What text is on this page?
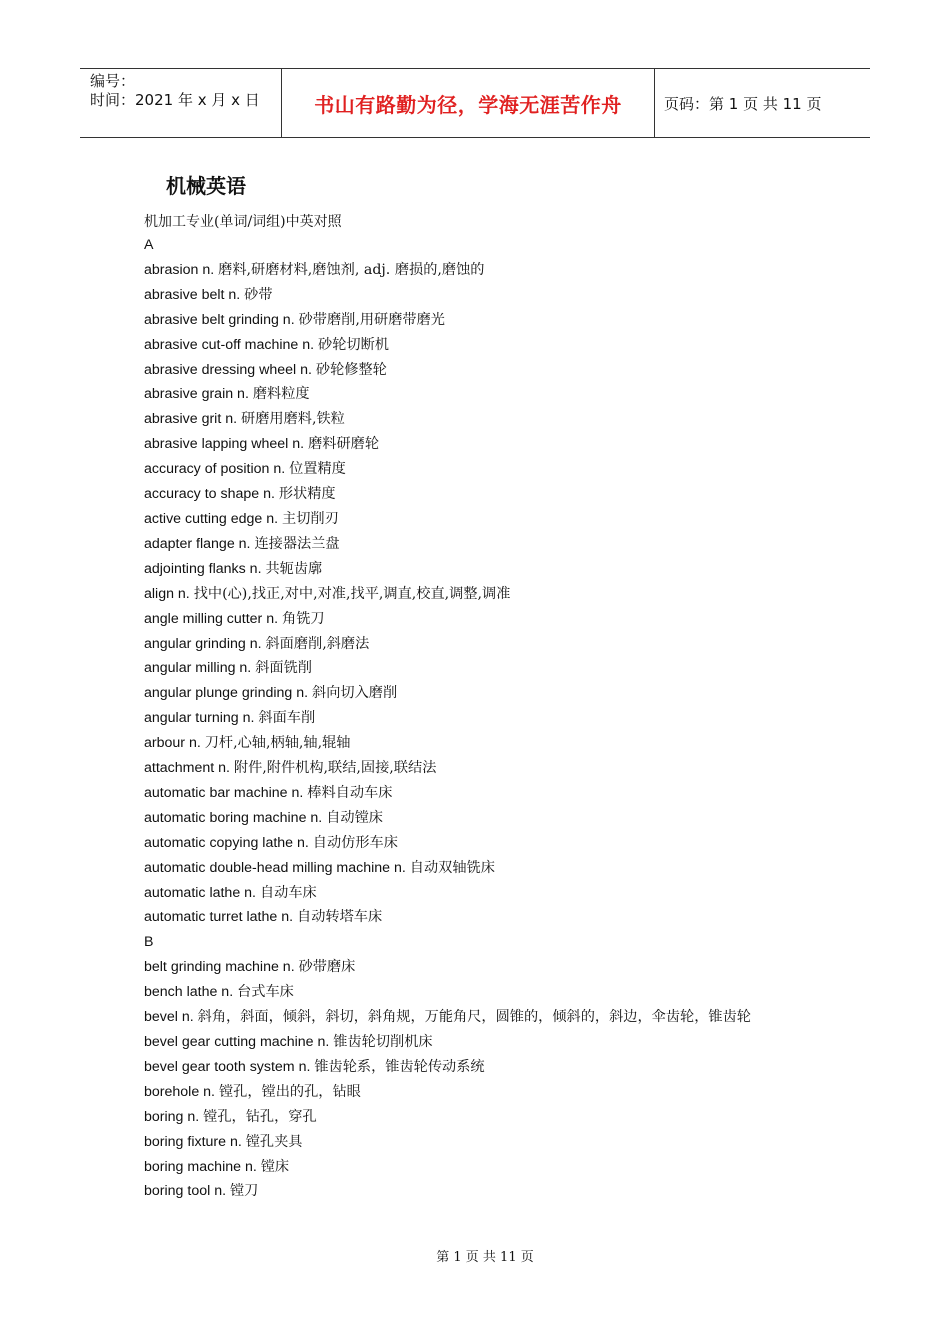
编号：
时间：2021 年 x 月 x 日	书山有路勤为径，学海无涯苦作舟	页码：第 1 页 共 11 页
机械英语
机加工专业(单词/词组)中英对照
A
abrasion n. 磨料,研磨材料,磨蚀剂, adj. 磨损的,磨蚀的
abrasive belt n. 砂带
abrasive belt grinding n. 砂带磨削,用研磨带磨光
abrasive cut-off machine n. 砂轮切断机
abrasive dressing wheel n. 砂轮修整轮
abrasive grain n. 磨料粒度
abrasive grit n. 研磨用磨料,铁粒
abrasive lapping wheel n. 磨料研磨轮
accuracy of position n. 位置精度
accuracy to shape n. 形状精度
active cutting edge n. 主切削刃
adapter flange n. 连接器法兰盘
adjointing flanks n. 共轭齿廓
align n. 找中(心),找正,对中,对准,找平,调直,校直,调整,调准
angle milling cutter n. 角铣刀
angular grinding n. 斜面磨削,斜磨法
angular milling n. 斜面铣削
angular plunge grinding n. 斜向切入磨削
angular turning n. 斜面车削
arbour n. 刀杆,心轴,柄轴,轴,辊轴
attachment n. 附件,附件机构,联结,固接,联结法
automatic bar machine n. 棒料自动车床
automatic boring machine n. 自动镗床
automatic copying lathe n. 自动仿形车床
automatic double-head milling machine n. 自动双轴铣床
automatic lathe n. 自动车床
automatic turret lathe n. 自动转塔车床
B
belt grinding machine n. 砂带磨床
bench lathe n. 台式车床
bevel n. 斜角，斜面，倾斜，斜切，斜角规，万能角尺，圆锥的，倾斜的，斜边，伞齿轮，锥齿轮
bevel gear cutting machine n. 锥齿轮切削机床
bevel gear tooth system n. 锥齿轮系，锥齿轮传动系统
borehole n. 镗孔，镗出的孔，钻眼
boring n. 镗孔，钻孔，穿孔
boring fixture n. 镗孔夹具
boring machine n. 镗床
boring tool n. 镗刀
第 1 页 共 11 页
